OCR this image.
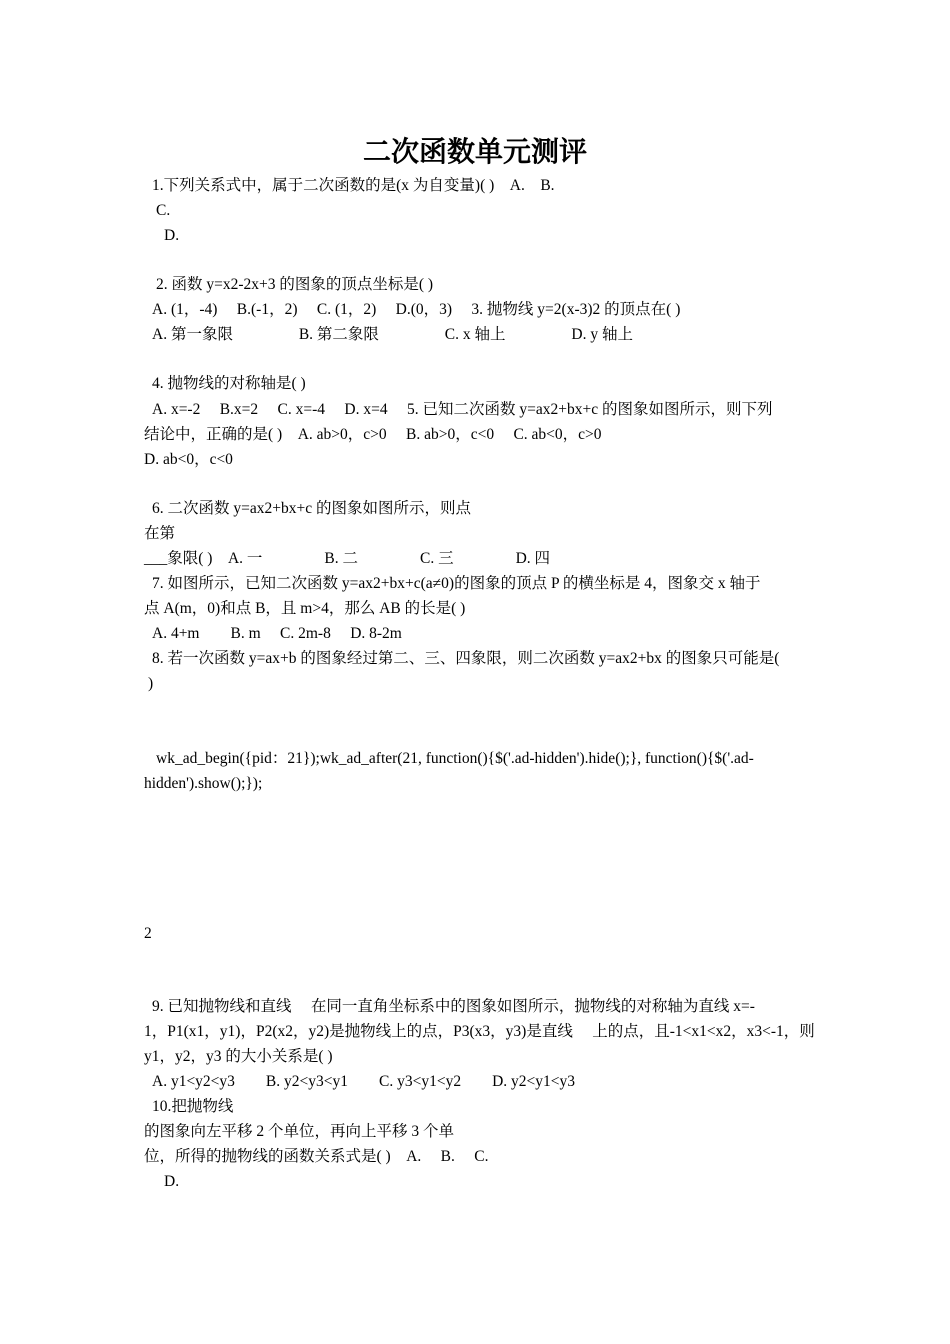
二次函数单元测评
1.下列关系式中，属于二次函数的是(x 为自变量)( )　A.　B.
C.
D.
2. 函数 y=x2-2x+3 的图象的顶点坐标是( )
A. (1，-4)　 B.(-1，2)　 C. (1，2)　 D.(0，3)　 3. 抛物线 y=2(x-3)2 的顶点在( )
A. 第一象限　　　　 B. 第二象限　　　　 C. x 轴上　　　　 D. y 轴上
4. 抛物线的对称轴是( )
A. x=-2　 B.x=2　 C. x=-4　 D. x=4　 5. 已知二次函数 y=ax2+bx+c 的图象如图所示，则下列
结论中，正确的是( )　A. ab>0，c>0　 B. ab>0，c<0　 C. ab<0，c>0
D. ab<0，c<0
6. 二次函数 y=ax2+bx+c 的图象如图所示，则点
在第
___象限( )　A. 一　　　　B. 二　　　　C. 三　　　　D. 四
7. 如图所示，已知二次函数 y=ax2+bx+c(a≠0)的图象的顶点 P 的横坐标是 4，图象交 x 轴于
点 A(m，0)和点 B，且 m>4，那么 AB 的长是( )
A. 4+m　　B. m　 C. 2m-8　 D. 8-2m
8. 若一次函数 y=ax+b 的图象经过第二、三、四象限，则二次函数 y=ax2+bx 的图象只可能是(
)
wk_ad_begin({pid：21});wk_ad_after(21, function(){$('.ad-hidden').hide();}, function(){$('.ad-
hidden').show();});
2
9. 已知抛物线和直线　 在同一直角坐标系中的图象如图所示，抛物线的对称轴为直线 x=-
1，P1(x1，y1)，P2(x2，y2)是抛物线上的点，P3(x3，y3)是直线　 上的点，且-1<x1<x2，x3<-1，则
y1，y2，y3 的大小关系是( )
A. y1<y2<y3　　B. y2<y3<y1　　C. y3<y1<y2　　D. y2<y1<y3
10.把抛物线
的图象向左平移 2 个单位，再向上平移 3 个单
位，所得的抛物线的函数关系式是( )　A.　 B.　 C.
D.
